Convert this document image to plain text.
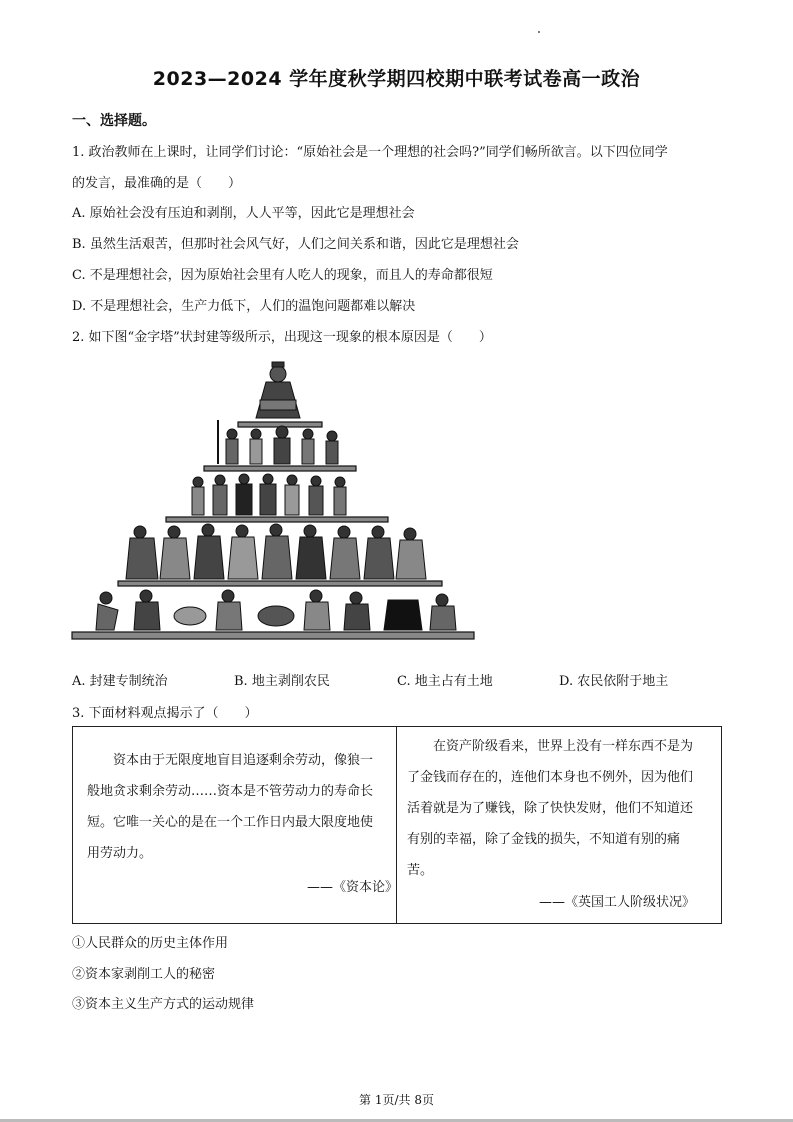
2023—2024 学年度秋学期四校期中联考试卷高一政治
一、选择题。
1. 政治教师在上课时，让同学们讨论：“原始社会是一个理想的社会吗?”同学们畅所欲言。以下四位同学
的发言，最准确的是（　　）
A. 原始社会没有压迫和剥削，人人平等，因此它是理想社会
B. 虽然生活艰苦，但那时社会风气好，人们之间关系和谐，因此它是理想社会
C. 不是理想社会，因为原始社会里有人吃人的现象，而且人的寿命都很短
D. 不是理想社会，生产力低下，人们的温饱问题都难以解决
2. 如下图“金字塔”状封建等级所示，出现这一现象的根本原因是（　　）
A. 封建专制统治	B. 地主剥削农民	C. 地主占有土地	D. 农民依附于地主
3. 下面材料观点揭示了（　　）

资本由于无限度地盲目追逐剩余劳动，像狼一般地贪求剩余劳动……资本是不管劳动力的寿命长短。它唯一关心的是在一个工作日内最大限度地使用劳动力。

——《资本论》

在资产阶级看来，世界上没有一样东西不是为了金钱而存在的，连他们本身也不例外，因为他们活着就是为了赚钱，除了快快发财，他们不知道还有别的幸福，除了金钱的损失，不知道有别的痛苦。

——《英国工人阶级状况》
①人民群众的历史主体作用
②资本家剥削工人的秘密
③资本主义生产方式的运动规律
第 1页/共 8页
